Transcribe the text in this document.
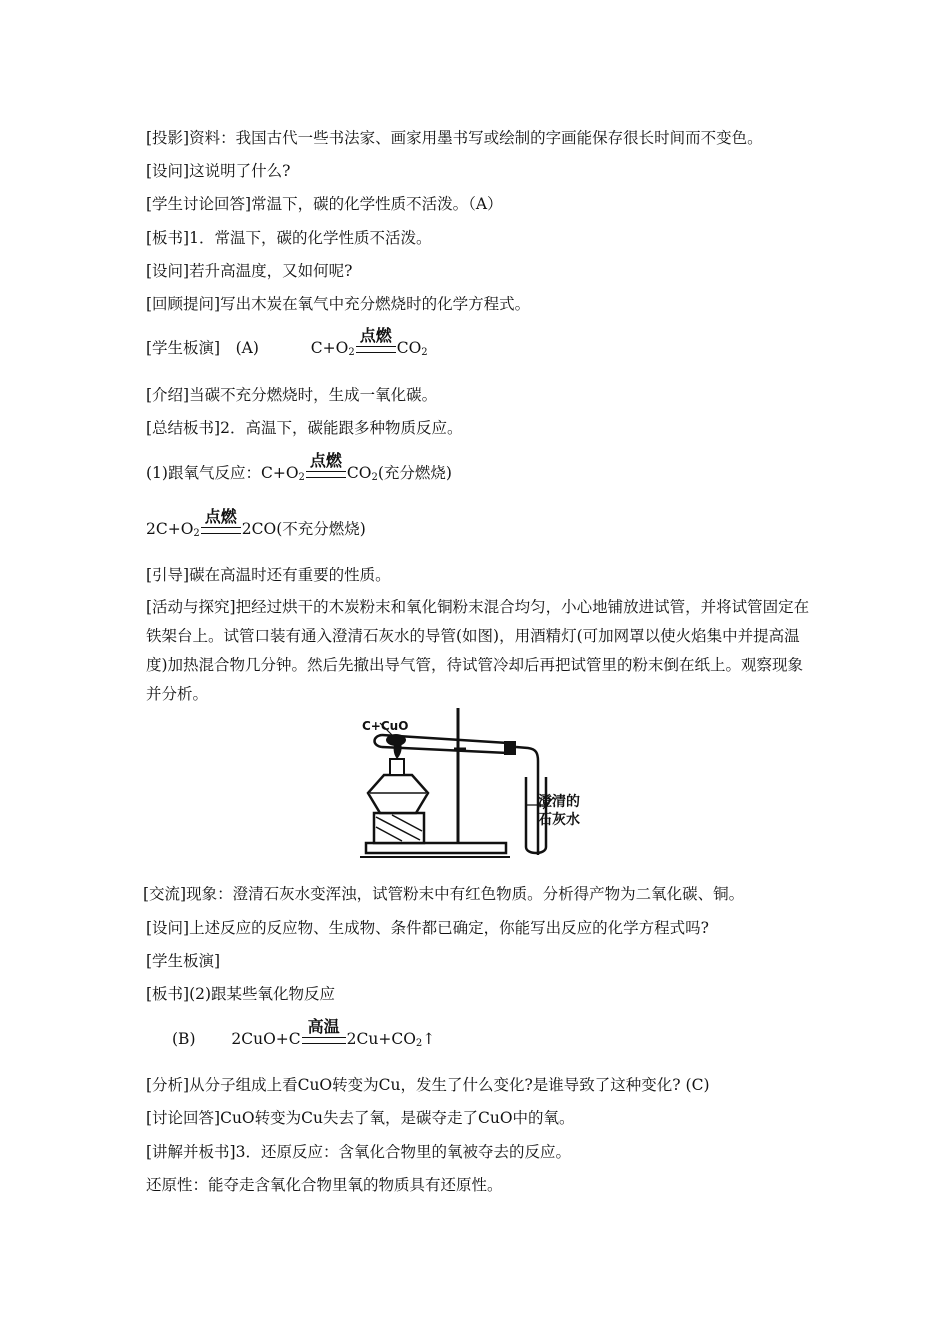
[投影]资料：我国古代一些书法家、画家用墨书写或绘制的字画能保存很长时间而不变色。
[设问]这说明了什么?
[学生讨论回答]常温下，碳的化学性质不活泼。（A）
[板书]1．常温下，碳的化学性质不活泼。
[设问]若升高温度，又如何呢?
[回顾提问]写出木炭在氧气中充分燃烧时的化学方程式。
[学生板演]　(A)	$C+O_2$
点燃
$CO_2$
[介绍]当碳不充分燃烧时，生成一氧化碳。
[总结板书]2．高温下，碳能跟多种物质反应。
(1)跟氧气反应：$C+O_2$
点燃
$CO_2$(充分燃烧)
$2C+O_2$
点燃
2CO(不充分燃烧)
[引导]碳在高温时还有重要的性质。
[活动与探究]把经过烘干的木炭粉末和氧化铜粉末混合均匀，小心地铺放进试管，并将试管固定在铁架台上。试管口装有通入澄清石灰水的导管(如图)，用酒精灯(可加网罩以使火焰集中并提高温度)加热混合物几分钟。然后先撤出导气管，待试管冷却后再把试管里的粉末倒在纸上。观察现象并分析。
C+CuO
澄清的
石灰水
[交流]现象：澄清石灰水变浑浊，试管粉末中有红色物质。分析得产物为二氧化碳、铜。
[设问]上述反应的反应物、生成物、条件都已确定，你能写出反应的化学方程式吗?
[学生板演]
[板书](2)跟某些氧化物反应
(B) 2CuO+C
高温
$2Cu+CO_2↑$
[分析]从分子组成上看CuO转变为Cu，发生了什么变化?是谁导致了这种变化? (C)
[讨论回答]CuO转变为Cu失去了氧，是碳夺走了CuO中的氧。
[讲解并板书]3．还原反应：含氧化合物里的氧被夺去的反应。
还原性：能夺走含氧化合物里氧的物质具有还原性。
